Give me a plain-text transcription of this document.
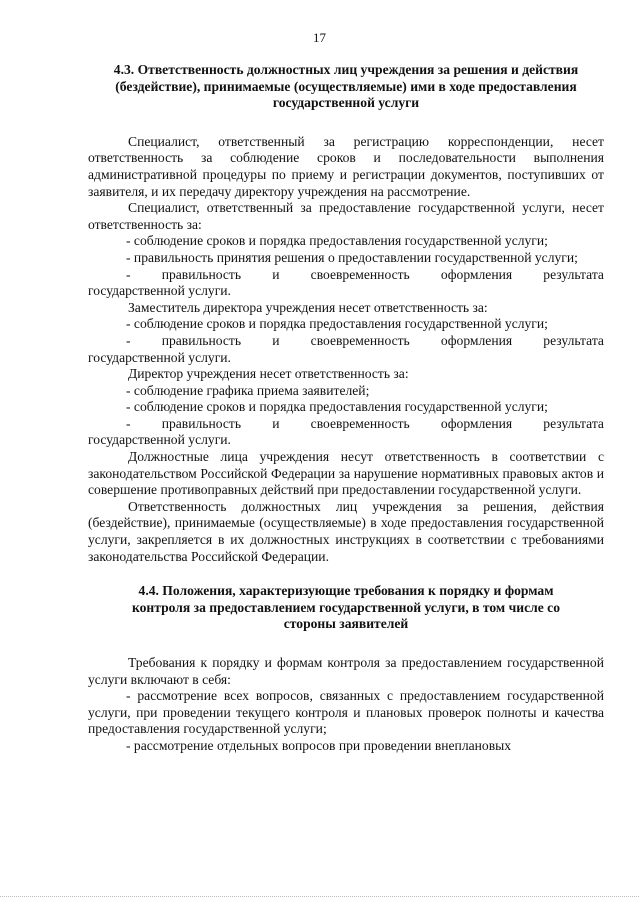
17

4.3. Ответственность должностных лиц учреждения за решения и действия (бездействие), принимаемые (осуществляемые) ими в ходе предоставления государственной услуги

Специалист, ответственный за регистрацию корреспонденции, несет ответственность за соблюдение сроков и последовательности выполнения административной процедуры по приему и регистрации документов, поступивших от заявителя, и их передачу директору учреждения на рассмотрение.

Специалист, ответственный за предоставление государственной услуги, несет ответственность за:

- соблюдение сроков и порядка предоставления государственной услуги;

- правильность принятия решения о предоставлении государственной услуги;

- правильность и своевременность оформления результата

государственной услуги.

Заместитель директора учреждения несет ответственность за:

- соблюдение сроков и порядка предоставления государственной услуги;

- правильность и своевременность оформления результата

государственной услуги.

Директор учреждения несет ответственность за:

- соблюдение графика приема заявителей;

- соблюдение сроков и порядка предоставления государственной услуги;

- правильность и своевременность оформления результата

государственной услуги.

Должностные лица учреждения несут ответственность в соответствии с законодательством Российской Федерации за нарушение нормативных правовых актов и совершение противоправных действий при предоставлении государственной услуги.

Ответственность должностных лиц учреждения за решения, действия (бездействие), принимаемые (осуществляемые) в ходе предоставления государственной услуги, закрепляется в их должностных инструкциях в соответствии с требованиями законодательства Российской Федерации.

4.4. Положения, характеризующие требования к порядку и формам контроля за предоставлением государственной услуги, в том числе со стороны заявителей

Требования к порядку и формам контроля за предоставлением государственной услуги включают в себя:

- рассмотрение всех вопросов, связанных с предоставлением государственной услуги, при проведении текущего контроля и плановых проверок полноты и качества предоставления государственной услуги;

- рассмотрение отдельных вопросов при проведении внеплановых
